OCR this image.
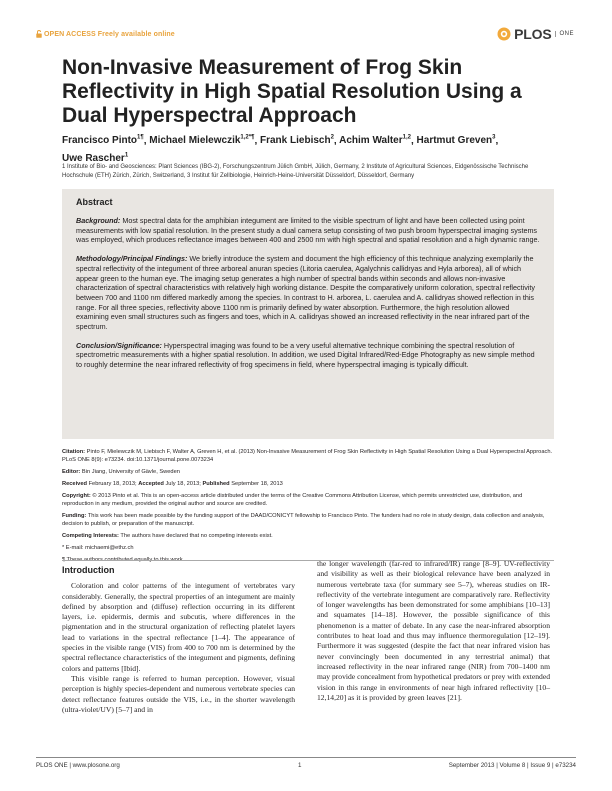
OPEN ACCESS Freely available online	PLOS	ONE
Non-Invasive Measurement of Frog Skin Reflectivity in High Spatial Resolution Using a Dual Hyperspectral Approach
Francisco Pinto$^{1\P}$, Michael Mielewczik$^{1,2*\P}$, Frank Liebisch$^2$, Achim Walter$^{1,2}$, Hartmut Greven$^3$,
Uwe Rascher$^1$
1 Institute of Bio- and Geosciences: Plant Sciences (IBG-2), Forschungszentrum Jülich GmbH, Jülich, Germany, 2 Institute of Agricultural Sciences, Eidgenössische Technische Hochschule (ETH) Zürich, Zürich, Switzerland, 3 Institut für Zellbiologie, Heinrich-Heine-Universität Düsseldorf, Düsseldorf, Germany
Abstract

Background: Most spectral data for the amphibian integument are limited to the visible spectrum of light and have been collected using point measurements with low spatial resolution. In the present study a dual camera setup consisting of two push broom hyperspectral imaging systems was employed, which produces reflectance images between 400 and 2500 nm with high spectral and spatial resolution and a high dynamic range.

Methodology/Principal Findings: We briefly introduce the system and document the high efficiency of this technique analyzing exemplarily the spectral reflectivity of the integument of three arboreal anuran species (Litoria caerulea, Agalychnis callidryas and Hyla arborea), all of which appear green to the human eye. The imaging setup generates a high number of spectral bands within seconds and allows non-invasive characterization of spectral characteristics with relatively high working distance. Despite the comparatively uniform coloration, spectral reflectivity between 700 and 1100 nm differed markedly among the species. In contrast to H. arborea, L. caerulea and A. callidryas showed reflection in this range. For all three species, reflectivity above 1100 nm is primarily defined by water absorption. Furthermore, the high resolution allowed examining even small structures such as fingers and toes, which in A. callidryas showed an increased reflectivity in the near infrared part of the spectrum.

Conclusion/Significance: Hyperspectral imaging was found to be a very useful alternative technique combining the spectral resolution of spectrometric measurements with a higher spatial resolution. In addition, we used Digital Infrared/Red-Edge Photography as new simple method to roughly determine the near infrared reflectivity of frog specimens in field, where hyperspectral imaging is typically difficult.

Citation: Pinto F, Mielewczik M, Liebisch F, Walter A, Greven H, et al. (2013) Non-Invasive Measurement of Frog Skin Reflectivity in High Spatial Resolution Using a Dual Hyperspectral Approach. PLoS ONE 8(9): e73234. doi:10.1371/journal.pone.0073234

Editor: Bin Jiang, University of Gävle, Sweden

Received February 18, 2013; Accepted July 18, 2013; Published September 18, 2013

Copyright: © 2013 Pinto et al. This is an open-access article distributed under the terms of the Creative Commons Attribution License, which permits unrestricted use, distribution, and reproduction in any medium, provided the original author and source are credited.

Funding: This work has been made possible by the funding support of the DAAD/CONICYT fellowship to Francisco Pinto. The funders had no role in study design, data collection and analysis, decision to publish, or preparation of the manuscript.

Competing Interests: The authors have declared that no competing interests exist.

* E-mail: michaemi@ethz.ch

¶ These authors contributed equally to this work.

Introduction

Coloration and color patterns of the integument of vertebrates vary considerably. Generally, the spectral properties of an integument are mainly defined by absorption and (diffuse) reflection occurring in its different layers, i.e. epidermis, dermis and subcutis, where differences in the pigmentation and in the structural organization of reflecting platelet layers lead to variations in the spectral reflectance [1–4]. The appearance of species in the visible range (VIS) from 400 to 700 nm is determined by the spectral reflectance characteristics of the integument and pigments, defining colors and patterns [Ibid].

This visible range is referred to human perception. However, visual perception is highly species-dependent and numerous vertebrate species can detect reflectance features outside the VIS, i.e., in the shorter wavelength (ultra-violet/UV) [5–7] and in

the longer wavelength (far-red to infrared/IR) range [8–9]. UV-reflectivity and visibility as well as their biological relevance have been analyzed in numerous vertebrate taxa (for summary see 5–7), whereas studies on IR-reflectivity of the vertebrate integument are comparatively rare. Reflectivity of longer wavelengths has been demonstrated for some amphibians [10–13] and squamates [14–18]. However, the possible significance of this phenomenon is a matter of debate. In any case the near-infrared absorption contributes to heat load and thus may influence thermoregulation [12–19]. Furthermore it was suggested (despite the fact that near infrared vision has never convincingly been documented in any terrestrial animal) that increased reflectivity in the near infrared range (NIR) from 700–1400 nm may provide concealment from hypothetical predators or prey with extended vision in this range in environments of near high infrared reflectivity [10–12,14,20] as it is provided by green leaves [21].

PLOS ONE | www.plosone.org	1	September 2013 | Volume 8 | Issue 9 | e73234
